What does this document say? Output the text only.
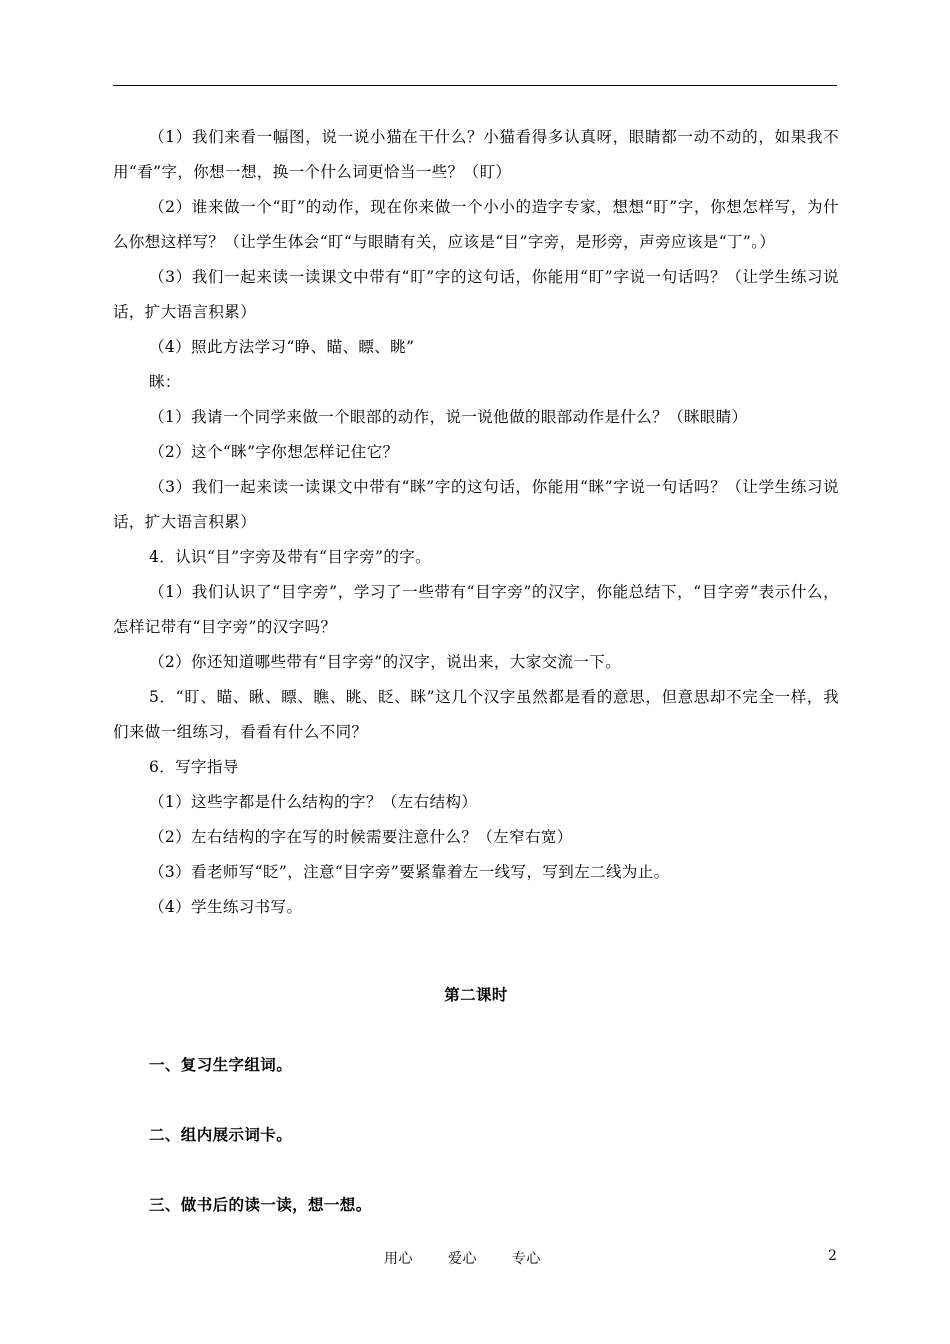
（1）我们来看一幅图，说一说小猫在干什么？小猫看得多认真呀，眼睛都一动不动的，如果我不用“看”字，你想一想，换一个什么词更恰当一些？（盯）

（2）谁来做一个“盯”的动作，现在你来做一个小小的造字专家，想想“盯”字，你想怎样写，为什么你想这样写？（让学生体会“盯“与眼睛有关，应该是“目”字旁，是形旁，声旁应该是“丁”。）

（3）我们一起来读一读课文中带有“盯”字的这句话，你能用“盯”字说一句话吗？（让学生练习说话，扩大语言积累）

（4）照此方法学习“睁、瞄、瞟、眺”

眯：

（1）我请一个同学来做一个眼部的动作，说一说他做的眼部动作是什么？（眯眼睛）

（2）这个“眯”字你想怎样记住它？

（3）我们一起来读一读课文中带有“眯”字的这句话，你能用“眯”字说一句话吗？（让学生练习说话，扩大语言积累）

4．认识“目”字旁及带有“目字旁”的字。

（1）我们认识了“目字旁”，学习了一些带有“目字旁”的汉字，你能总结下，“目字旁”表示什么，怎样记带有“目字旁”的汉字吗？

（2）你还知道哪些带有“目字旁”的汉字，说出来，大家交流一下。

5．“盯、瞄、瞅、瞟、瞧、眺、眨、眯”这几个汉字虽然都是看的意思，但意思却不完全一样，我们来做一组练习，看看有什么不同？

6．写字指导

（1）这些字都是什么结构的字？（左右结构）

（2）左右结构的字在写的时候需要注意什么？（左窄右宽）

（3）看老师写“眨”，注意“目字旁”要紧靠着左一线写，写到左二线为止。

（4）学生练习书写。

第二课时

一、复习生字组词。

二、组内展示词卡。

三、做书后的读一读，想一想。

用心 爱心 专心	2
